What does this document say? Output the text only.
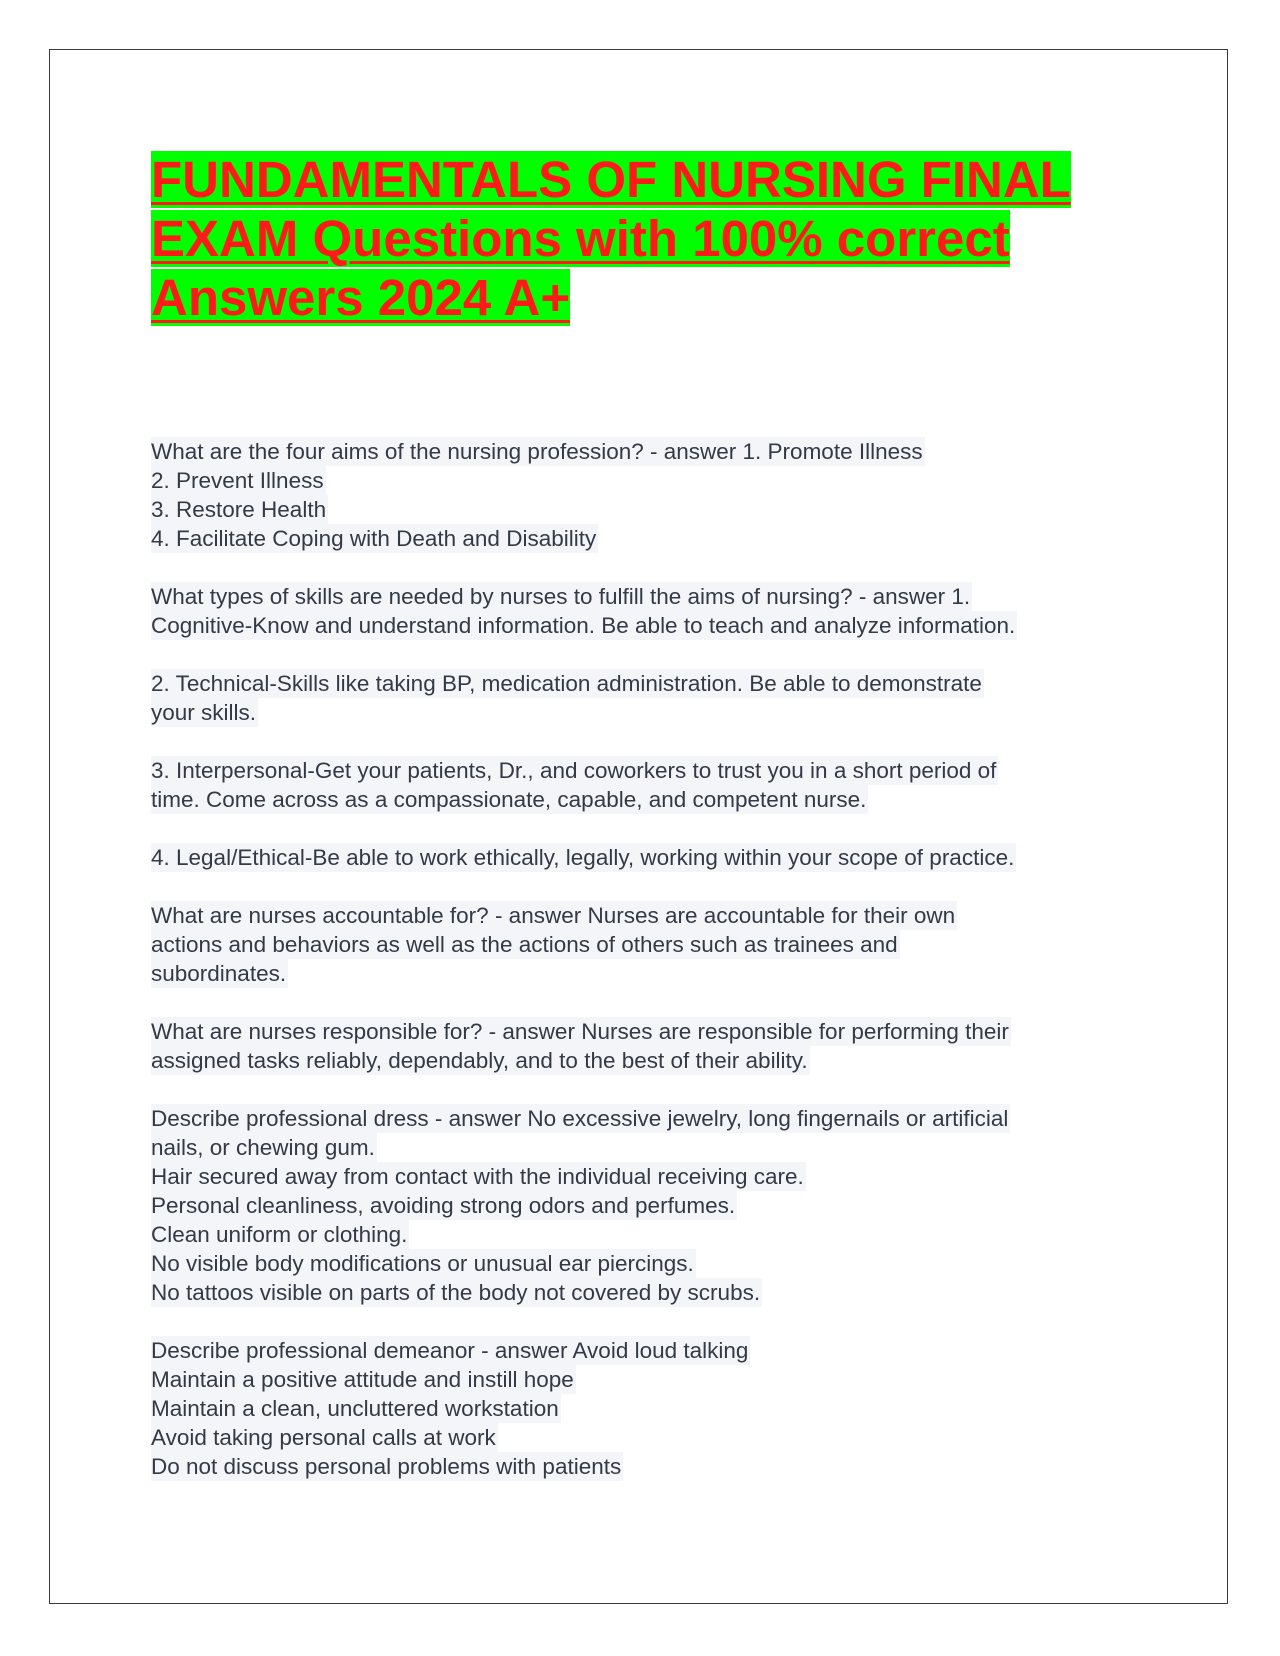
FUNDAMENTALS OF NURSING FINAL
EXAM Questions with 100% correct
Answers 2024 A+
What are the four aims of the nursing profession? - answer 1. Promote Illness
2. Prevent Illness
3. Restore Health
4. Facilitate Coping with Death and Disability
What types of skills are needed by nurses to fulfill the aims of nursing? - answer 1.
Cognitive-Know and understand information. Be able to teach and analyze information.
2. Technical-Skills like taking BP, medication administration. Be able to demonstrate
your skills.
3. Interpersonal-Get your patients, Dr., and coworkers to trust you in a short period of
time. Come across as a compassionate, capable, and competent nurse.
4. Legal/Ethical-Be able to work ethically, legally, working within your scope of practice.
What are nurses accountable for? - answer Nurses are accountable for their own
actions and behaviors as well as the actions of others such as trainees and
subordinates.
What are nurses responsible for? - answer Nurses are responsible for performing their
assigned tasks reliably, dependably, and to the best of their ability.
Describe professional dress - answer No excessive jewelry, long fingernails or artificial
nails, or chewing gum.
Hair secured away from contact with the individual receiving care.
Personal cleanliness, avoiding strong odors and perfumes.
Clean uniform or clothing.
No visible body modifications or unusual ear piercings.
No tattoos visible on parts of the body not covered by scrubs.
Describe professional demeanor - answer Avoid loud talking
Maintain a positive attitude and instill hope
Maintain a clean, uncluttered workstation
Avoid taking personal calls at work
Do not discuss personal problems with patients
